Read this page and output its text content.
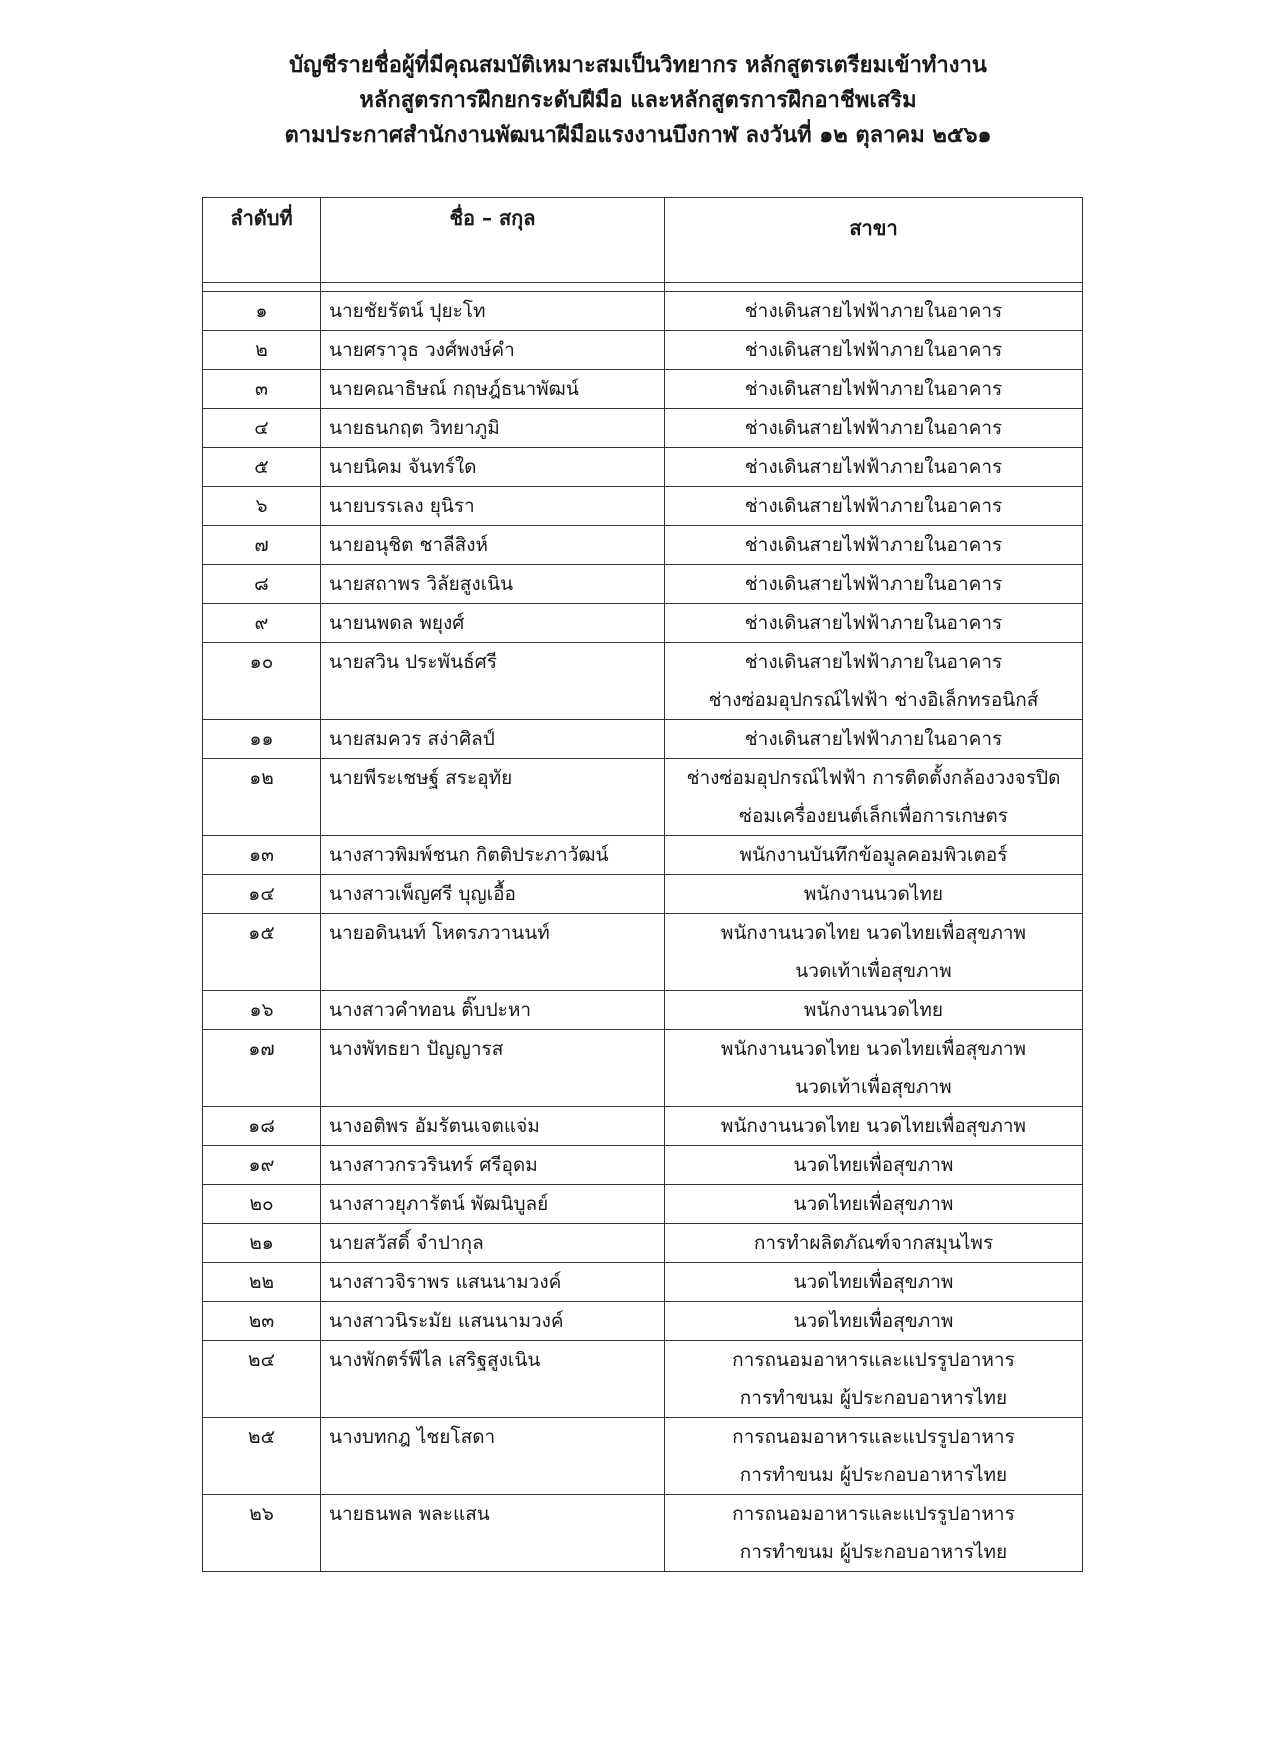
บัญชีรายชื่อผู้ที่มีคุณสมบัติเหมาะสมเป็นวิทยากร หลักสูตรเตรียมเข้าทำงาน
หลักสูตรการฝึกยกระดับฝีมือ และหลักสูตรการฝึกอาชีพเสริม
ตามประกาศสำนักงานพัฒนาฝีมือแรงงานบึงกาฬ ลงวันที่ ๑๒ ตุลาคม ๒๕๖๑
ลำดับที่	ชื่อ – สกุล	สาขา

๑	นายชัยรัตน์ ปุยะโท	ช่างเดินสายไฟฟ้าภายในอาคาร

๒	นายศราวุธ วงศ์พงษ์คำ	ช่างเดินสายไฟฟ้าภายในอาคาร

๓	นายคณาธิษณ์ กฤษฎ์ธนาพัฒน์	ช่างเดินสายไฟฟ้าภายในอาคาร

๔	นายธนกฤต วิทยาภูมิ	ช่างเดินสายไฟฟ้าภายในอาคาร

๕	นายนิคม จันทร์ใด	ช่างเดินสายไฟฟ้าภายในอาคาร

๖	นายบรรเลง ยุนิรา	ช่างเดินสายไฟฟ้าภายในอาคาร

๗	นายอนุชิต ชาลีสิงห์	ช่างเดินสายไฟฟ้าภายในอาคาร

๘	นายสถาพร วิลัยสูงเนิน	ช่างเดินสายไฟฟ้าภายในอาคาร

๙	นายนพดล พยุงศ์	ช่างเดินสายไฟฟ้าภายในอาคาร

๑๐	นายสวิน ประพันธ์ศรี	ช่างเดินสายไฟฟ้าภายในอาคาร
ช่างซ่อมอุปกรณ์ไฟฟ้า ช่างอิเล็กทรอนิกส์

๑๑	นายสมควร สง่าศิลป์	ช่างเดินสายไฟฟ้าภายในอาคาร

๑๒	นายพีระเชษฐ์ สระอุทัย	ช่างซ่อมอุปกรณ์ไฟฟ้า การติดตั้งกล้องวงจรปิด
ซ่อมเครื่องยนต์เล็กเพื่อการเกษตร

๑๓	นางสาวพิมพ์ชนก กิตติประภาวัฒน์	พนักงานบันทึกข้อมูลคอมพิวเตอร์

๑๔	นางสาวเพ็ญศรี บุญเอื้อ	พนักงานนวดไทย

๑๕	นายอดินนท์ โหตรภวานนท์	พนักงานนวดไทย นวดไทยเพื่อสุขภาพ
นวดเท้าเพื่อสุขภาพ

๑๖	นางสาวคำทอน ติ๊บปะหา	พนักงานนวดไทย

๑๗	นางพัทธยา ปัญญารส	พนักงานนวดไทย นวดไทยเพื่อสุขภาพ
นวดเท้าเพื่อสุขภาพ

๑๘	นางอติพร อัมรัตนเจตแจ่ม	พนักงานนวดไทย นวดไทยเพื่อสุขภาพ

๑๙	นางสาวกรวรินทร์ ศรีอุดม	นวดไทยเพื่อสุขภาพ

๒๐	นางสาวยุภารัตน์ พัฒนิบูลย์	นวดไทยเพื่อสุขภาพ

๒๑	นายสวัสดิ์ จำปากุล	การทำผลิตภัณฑ์จากสมุนไพร

๒๒	นางสาวจิราพร แสนนามวงค์	นวดไทยเพื่อสุขภาพ

๒๓	นางสาวนิระมัย แสนนามวงค์	นวดไทยเพื่อสุขภาพ

๒๔	นางพักตร์พีไล เสริฐสูงเนิน	การถนอมอาหารและแปรรูปอาหาร
การทำขนม ผู้ประกอบอาหารไทย

๒๕	นางบทกฎ ไชยโสดา	การถนอมอาหารและแปรรูปอาหาร
การทำขนม ผู้ประกอบอาหารไทย

๒๖	นายธนพล พละแสน	การถนอมอาหารและแปรรูปอาหาร
การทำขนม ผู้ประกอบอาหารไทย
